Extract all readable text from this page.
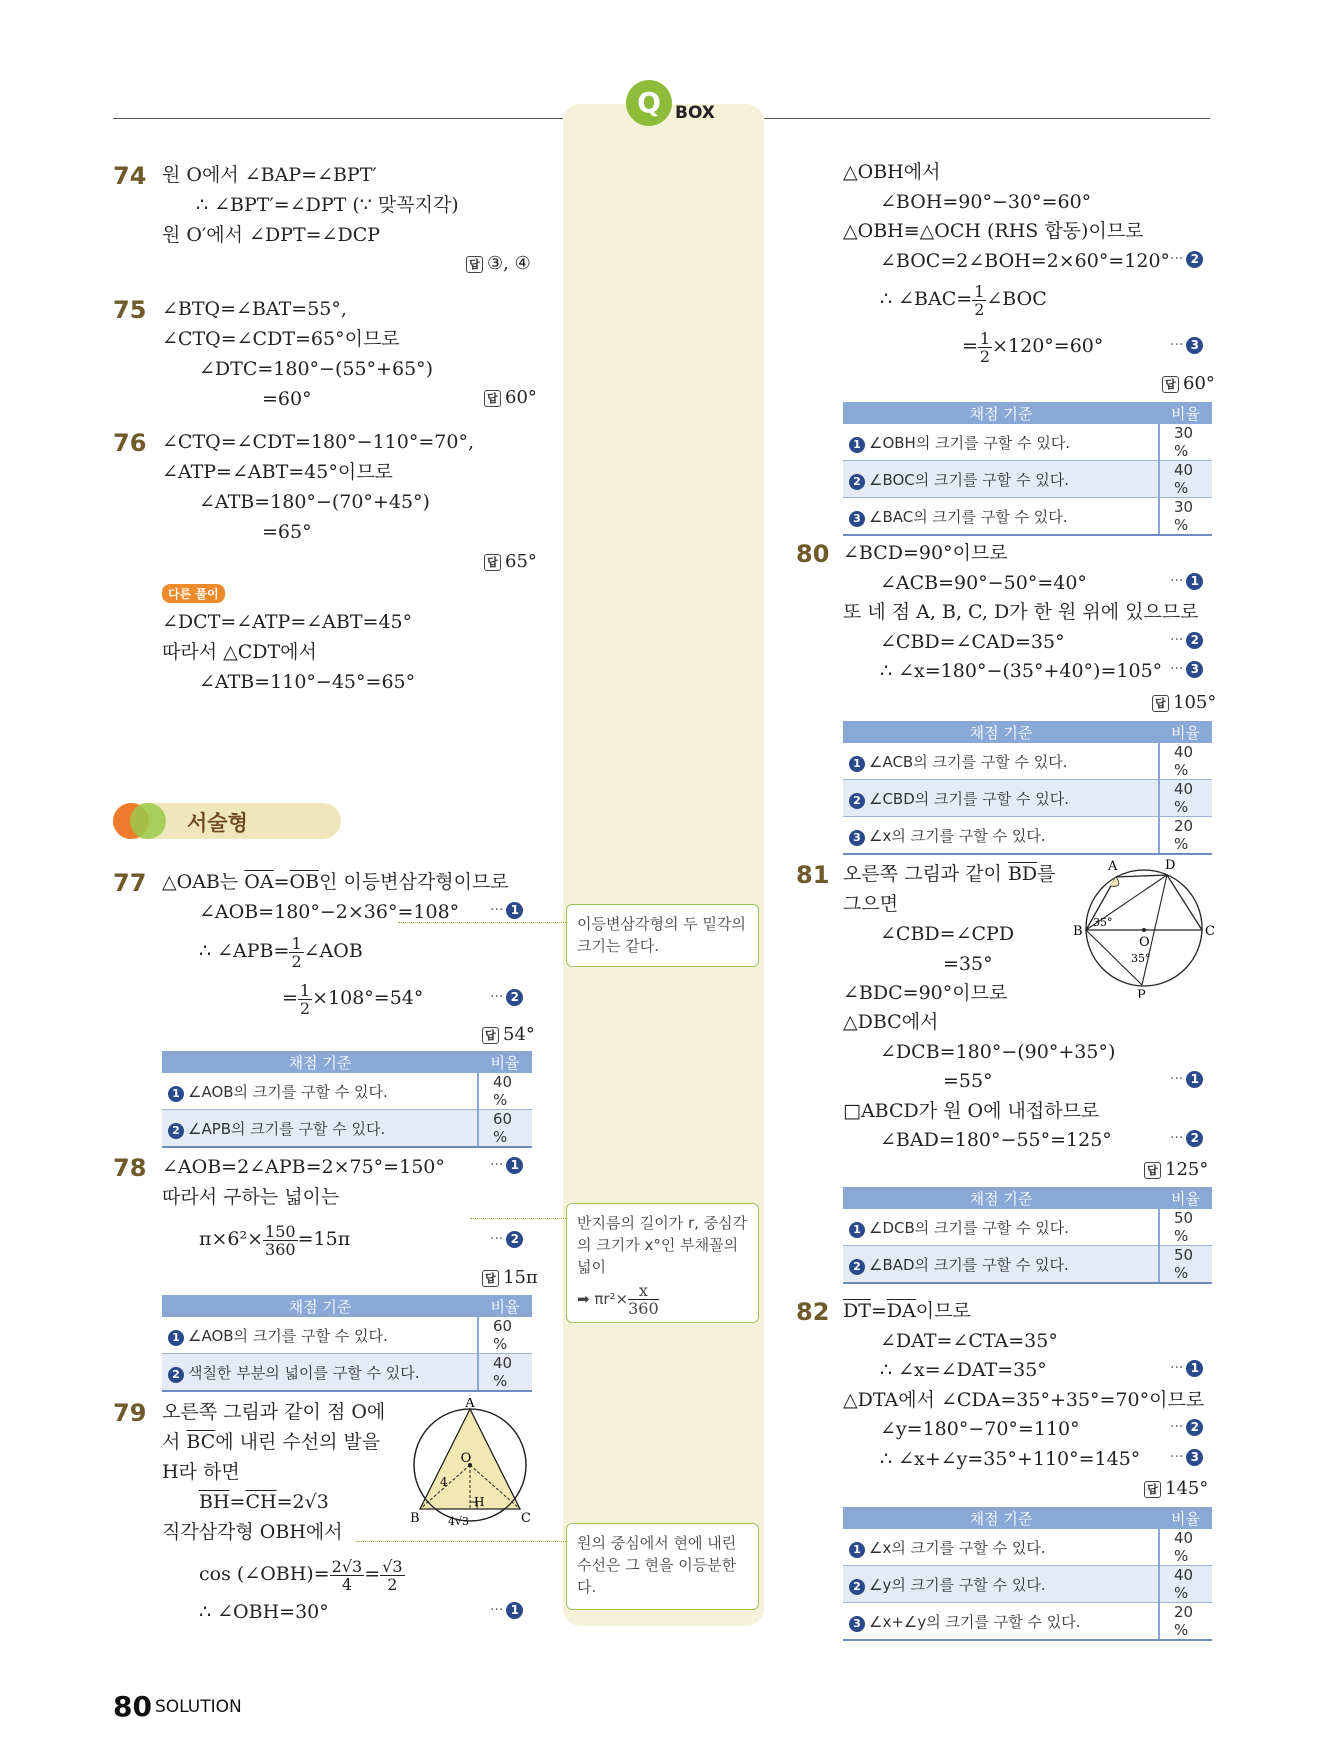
Q BOX
74 원 O에서 ∠BAP=∠BPT′
∴ ∠BPT′=∠DPT (∵ 맞꼭지각)
원 O′에서 ∠DPT=∠DCP
답 ③, ④
75 ∠BTQ=∠BAT=55°,
∠CTQ=∠CDT=65°이므로
∠DTC=180°−(55°+65°)
=60°	답 60°
76 ∠CTQ=∠CDT=180°−110°=70°,
∠ATP=∠ABT=45°이므로
∠ATB=180°−(70°+45°)
=65°
답 65°
다른 풀이
∠DCT=∠ATP=∠ABT=45°
따라서 △CDT에서
∠ATB=110°−45°=65°
서술형
77 △OAB는 $\overline{OA}=\overline{OB}$인 이등변삼각형이므로
∠AOB=180°−2×36°=108° ··· 1
∴ ∠APB= $\frac{1}{2}$ ∠AOB
= $\frac{1}{2} \times 108^\circ=54^\circ$	··· 2
답 54°
채점 기준	비율
1 ∠AOB의 크기를 구할 수 있다.	40 %
2 ∠APB의 크기를 구할 수 있다.	60 %
78 ∠AOB=2∠APB=2×75°=150°	··· 1
따라서 구하는 넓이는
$\pi\times 6^2\times \frac{150}{360} =15\pi$	··· 2
답 15π
채점 기준	비율
1 ∠AOB의 크기를 구할 수 있다.	60 %
2 색칠한 부분의 넓이를 구할 수 있다.	40 %
79 오른쪽 그림과 같이 점 O에
서 $\overline{BC}$에 내린 수선의 발을
H라 하면
$\overline{BH}=\overline{CH}=2√3$
직각삼각형 OBH에서
cos (∠OBH)= $\frac{2√3}{4} = \frac{√3}{2}$
∴ ∠OBH=30°	··· 1
A
O
B	C
H
4
4√3
이등변삼각형의 두 밑각의 크기는 같다.
반지름의 길이가 r, 중심각의 크기가 x°인 부채꼴의 넓이
➡ $\pi r^2\times \frac{x}{360}$
원의 중심에서 현에 내린 수선은 그 현을 이등분한다.
△OBH에서
∠BOH=90°−30°=60°
△OBH≡△OCH (RHS 합동)이므로
∠BOC=2∠BOH=2×60°=120° ··· 2
∴ ∠BAC= $\frac{1}{2}$ ∠BOC
= $\frac{1}{2} \times 120^\circ=60^\circ$	··· 3
답 60°
채점 기준	비율
1 ∠OBH의 크기를 구할 수 있다.	30 %
2 ∠BOC의 크기를 구할 수 있다.	40 %
3 ∠BAC의 크기를 구할 수 있다.	30 %
80 ∠BCD=90°이므로
∠ACB=90°−50°=40°	··· 1
또 네 점 A, B, C, D가 한 원 위에 있으므로
∠CBD=∠CAD=35°	··· 2
∴ ∠x=180°−(35°+40°)=105° ··· 3
답 105°
채점 기준	비율
1 ∠ACB의 크기를 구할 수 있다.	40 %
2 ∠CBD의 크기를 구할 수 있다.	40 %
3 ∠x의 크기를 구할 수 있다.	20 %
81 오른쪽 그림과 같이 $\overline{BD}$를
그으면
∠CBD=∠CPD
=35°
∠BDC=90°이므로
△DBC에서
∠DCB=180°−(90°+35°)
=55°	··· 1
□ABCD가 원 O에 내접하므로
∠BAD=180°−55°=125°	··· 2
답 125°
A	D
B	C
O
P
35°
35°
채점 기준	비율
1 ∠DCB의 크기를 구할 수 있다.	50 %
2 ∠BAD의 크기를 구할 수 있다.	50 %
82 $\overline{DT}=\overline{DA}$이므로
∠DAT=∠CTA=35°
∴ ∠x=∠DAT=35°	··· 1
△DTA에서 ∠CDA=35°+35°=70°이므로
∠y=180°−70°=110°	··· 2
∴ ∠x+∠y=35°+110°=145° ··· 3
답 145°
채점 기준	비율
1 ∠x의 크기를 구할 수 있다.	40 %
2 ∠y의 크기를 구할 수 있다.	40 %
3 ∠x+∠y의 크기를 구할 수 있다.	20 %
80 SOLUTION
